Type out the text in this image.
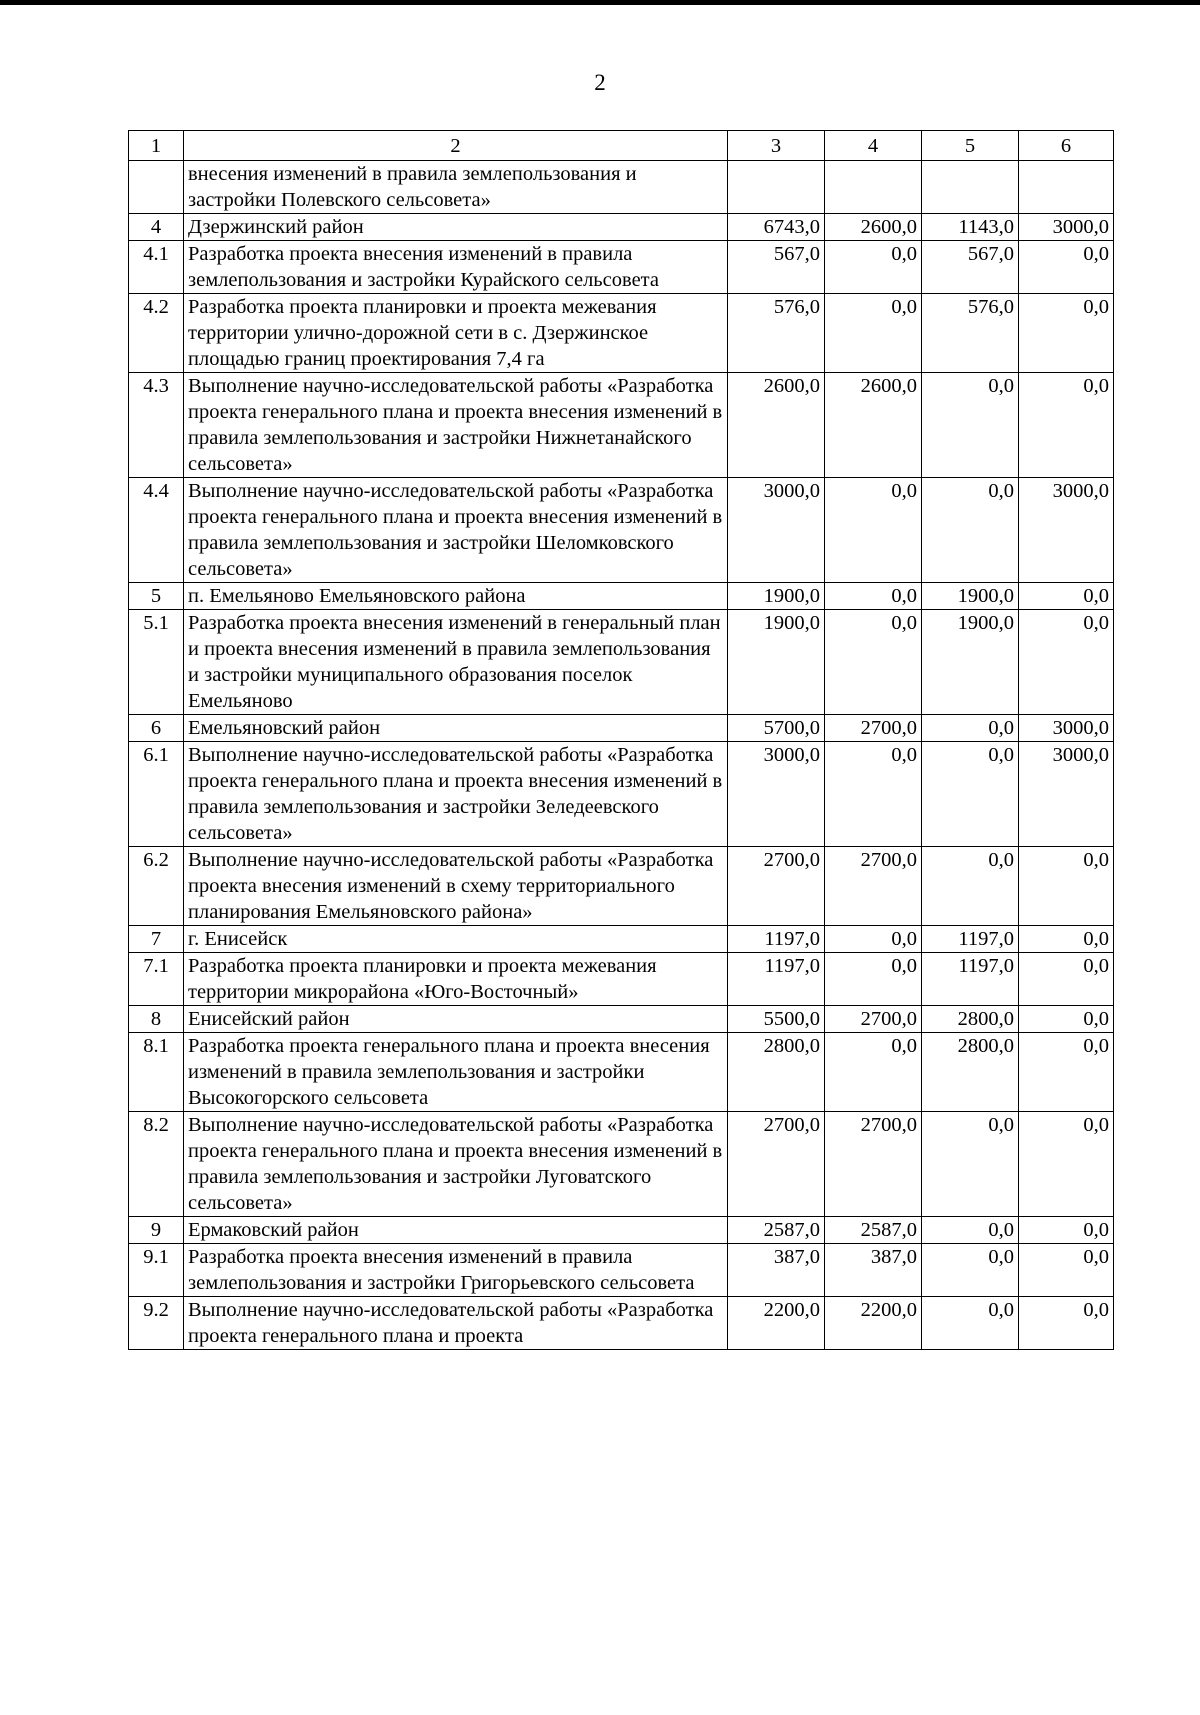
2
1	2	3	4	5	6
	внесения изменений в правила землепользования и застройки Полевского сельсовета»				
4	Дзержинский район	6743,0	2600,0	1143,0	3000,0
4.1	Разработка проекта внесения изменений в правила землепользования и застройки Курайского сельсовета	567,0	0,0	567,0	0,0
4.2	Разработка проекта планировки и проекта межевания территории улично-дорожной сети в с. Дзержинское площадью границ проектирования 7,4 га	576,0	0,0	576,0	0,0
4.3	Выполнение научно-исследовательской работы «Разработка проекта генерального плана и проекта внесения изменений в правила землепользования и застройки Нижнетанайского сельсовета»	2600,0	2600,0	0,0	0,0
4.4	Выполнение научно-исследовательской работы «Разработка проекта генерального плана и проекта внесения изменений в правила землепользования и застройки Шеломковского сельсовета»	3000,0	0,0	0,0	3000,0
5	п. Емельяново Емельяновского района	1900,0	0,0	1900,0	0,0
5.1	Разработка проекта внесения изменений в генеральный план и проекта внесения изменений в правила землепользования и застройки муниципального образования поселок Емельяново	1900,0	0,0	1900,0	0,0
6	Емельяновский район	5700,0	2700,0	0,0	3000,0
6.1	Выполнение научно-исследовательской работы «Разработка проекта генерального плана и проекта внесения изменений в правила землепользования и застройки Зеледеевского сельсовета»	3000,0	0,0	0,0	3000,0
6.2	Выполнение научно-исследовательской работы «Разработка проекта внесения изменений в схему территориального планирования Емельяновского района»	2700,0	2700,0	0,0	0,0
7	г. Енисейск	1197,0	0,0	1197,0	0,0
7.1	Разработка проекта планировки и проекта межевания территории микрорайона «Юго-Восточный»	1197,0	0,0	1197,0	0,0
8	Енисейский район	5500,0	2700,0	2800,0	0,0
8.1	Разработка проекта генерального плана и проекта внесения изменений в правила землепользования и застройки Высокогорского сельсовета	2800,0	0,0	2800,0	0,0
8.2	Выполнение научно-исследовательской работы «Разработка проекта генерального плана и проекта внесения изменений в правила землепользования и застройки Луговатского сельсовета»	2700,0	2700,0	0,0	0,0
9	Ермаковский район	2587,0	2587,0	0,0	0,0
9.1	Разработка проекта внесения изменений в правила землепользования и застройки Григорьевского сельсовета	387,0	387,0	0,0	0,0
9.2	Выполнение научно-исследовательской работы «Разработка проекта генерального плана и проекта	2200,0	2200,0	0,0	0,0
